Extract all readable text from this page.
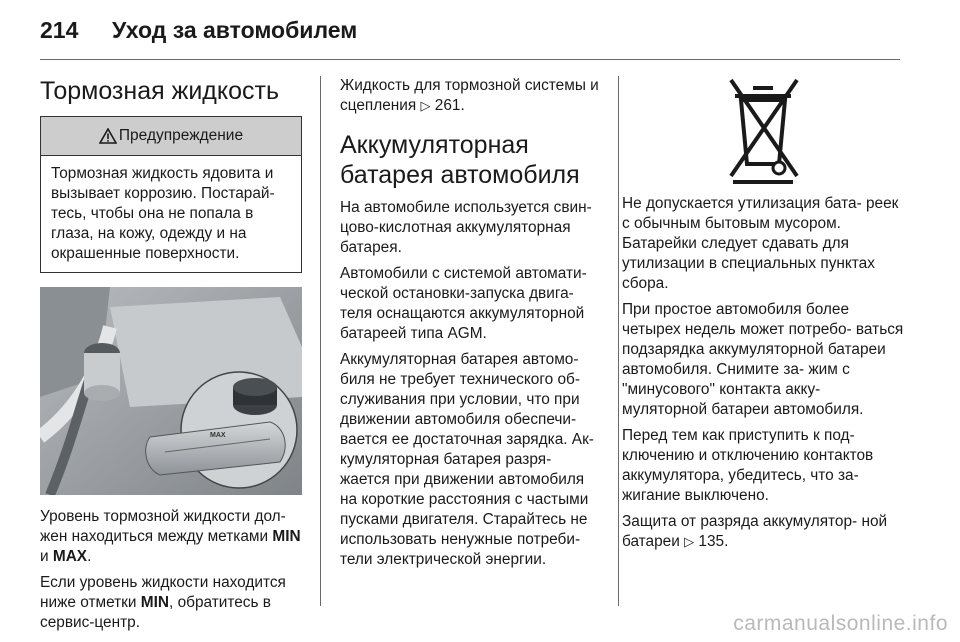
214	Уход за автомобилем
Тормозная жидкость
Предупреждение
Тормозная жидкость ядовита и вызывает коррозию. Постарай- тесь, чтобы она не попала в глаза, на кожу, одежду и на окрашенные поверхности.
MAX

Уровень тормозной жидкости дол- жен находиться между метками MIN и MAX.

Если уровень жидкости находится ниже отметки MIN, обратитесь в сервис-центр.

Жидкость для тормозной системы и сцепления ▷ 261.

Аккумуляторная батарея автомобиля

На автомобиле используется свин- цово-кислотная аккумуляторная батарея.

Автомобили с системой автомати- ческой остановки-запуска двига- теля оснащаются аккумуляторной батареей типа AGM.

Аккумуляторная батарея автомо- биля не требует технического об- служивания при условии, что при движении автомобиля обеспечи- вается ее достаточная зарядка. Ак- кумуляторная батарея разря- жается при движении автомобиля на короткие расстояния с частыми пусками двигателя. Старайтесь не использовать ненужные потреби- тели электрической энергии.

Не допускается утилизация бата- реек с обычным бытовым мусором. Батарейки следует сдавать для утилизации в специальных пунктах сбора.

При простое автомобиля более четырех недель может потребо- ваться подзарядка аккумуляторной батареи автомобиля. Снимите за- жим с "минусового" контакта акку- муляторной батареи автомобиля.

Перед тем как приступить к под- ключению и отключению контактов аккумулятора, убедитесь, что за- жигание выключено.

Защита от разряда аккумулятор- ной батареи ▷ 135.

carmanualsonline.info
